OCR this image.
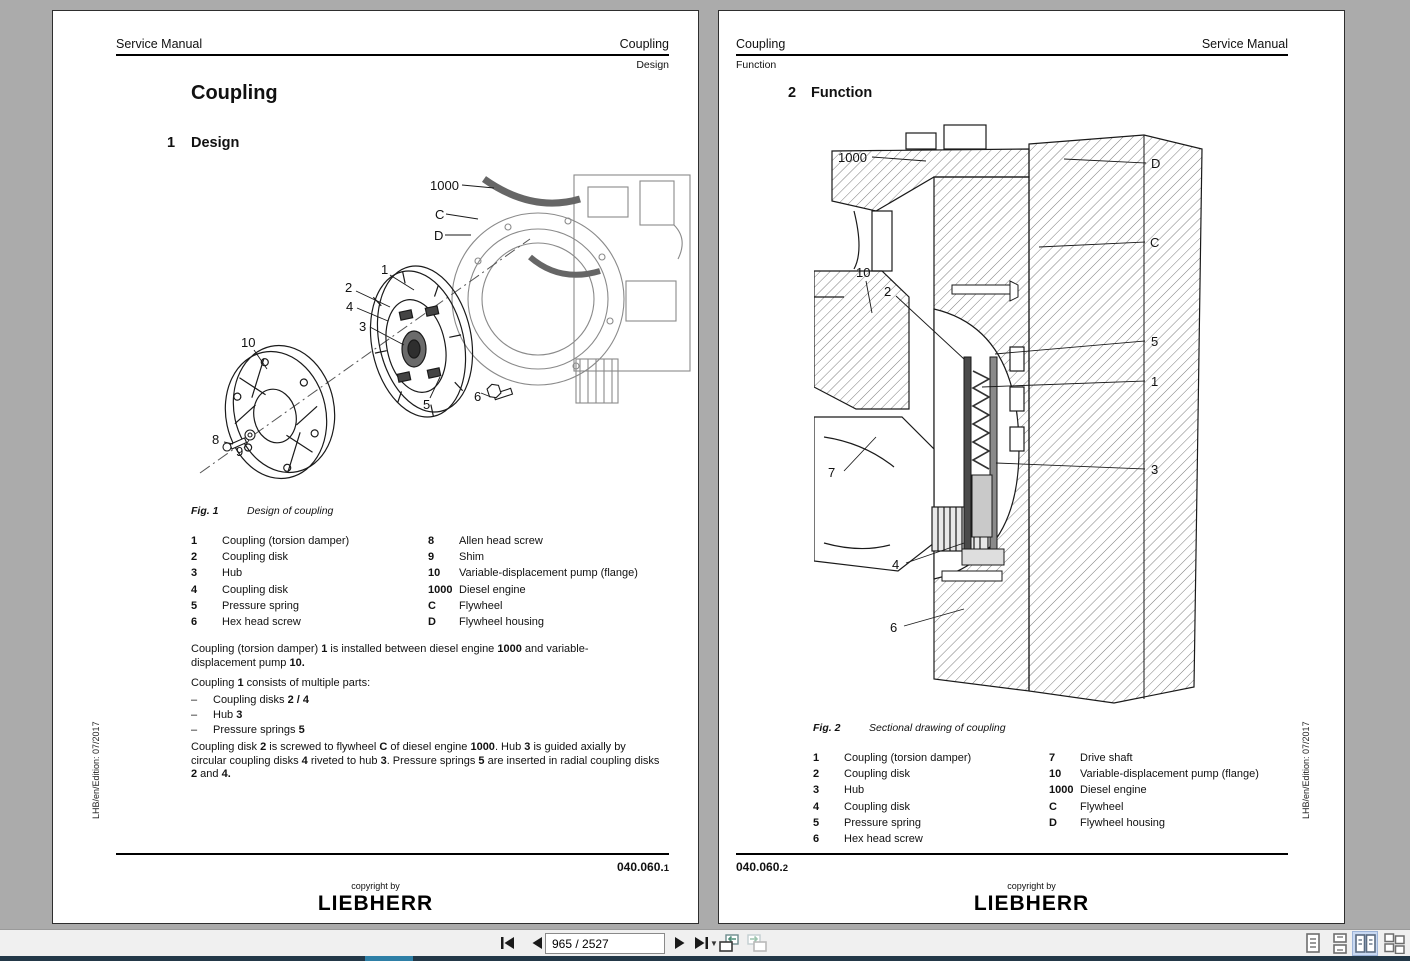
Service Manual	Coupling
Design
Coupling
1 Design
1000
C
D
1
2
4
3
10
5
6
8
9
Fig. 1	Design of coupling
1	Coupling (torsion damper)
2	Coupling disk
3	Hub
4	Coupling disk
5	Pressure spring
6	Hex head screw
8	Allen head screw
9	Shim
10	Variable-displacement pump (flange)
1000 Diesel engine
C	Flywheel
D	Flywheel housing
Coupling (torsion damper) 1 is installed between diesel engine 1000 and variable-displacement pump 10.
Coupling 1 consists of multiple parts:
–	Coupling disks 2 / 4
–	Hub 3
–	Pressure springs 5
Coupling disk 2 is screwed to flywheel C of diesel engine 1000. Hub 3 is guided axially by circular coupling disks 4 riveted to hub 3. Pressure springs 5 are inserted in radial coupling disks 2 and 4.
LHB/en/Edition: 07/2017
040.060.1
copyright by
LIEBHERR
Coupling	Service Manual
Function
2 Function
1000	D
C
10
2
5
1
3
7
4
6
Fig. 2	Sectional drawing of coupling
1	Coupling (torsion damper)
2	Coupling disk
3	Hub
4	Coupling disk
5	Pressure spring
6	Hex head screw
7	Drive shaft
10	Variable-displacement pump (flange)
1000 Diesel engine
C	Flywheel
D	Flywheel housing
LHB/en/Edition: 07/2017
040.060.2
copyright by
LIEBHERR
965 / 2527
▼
